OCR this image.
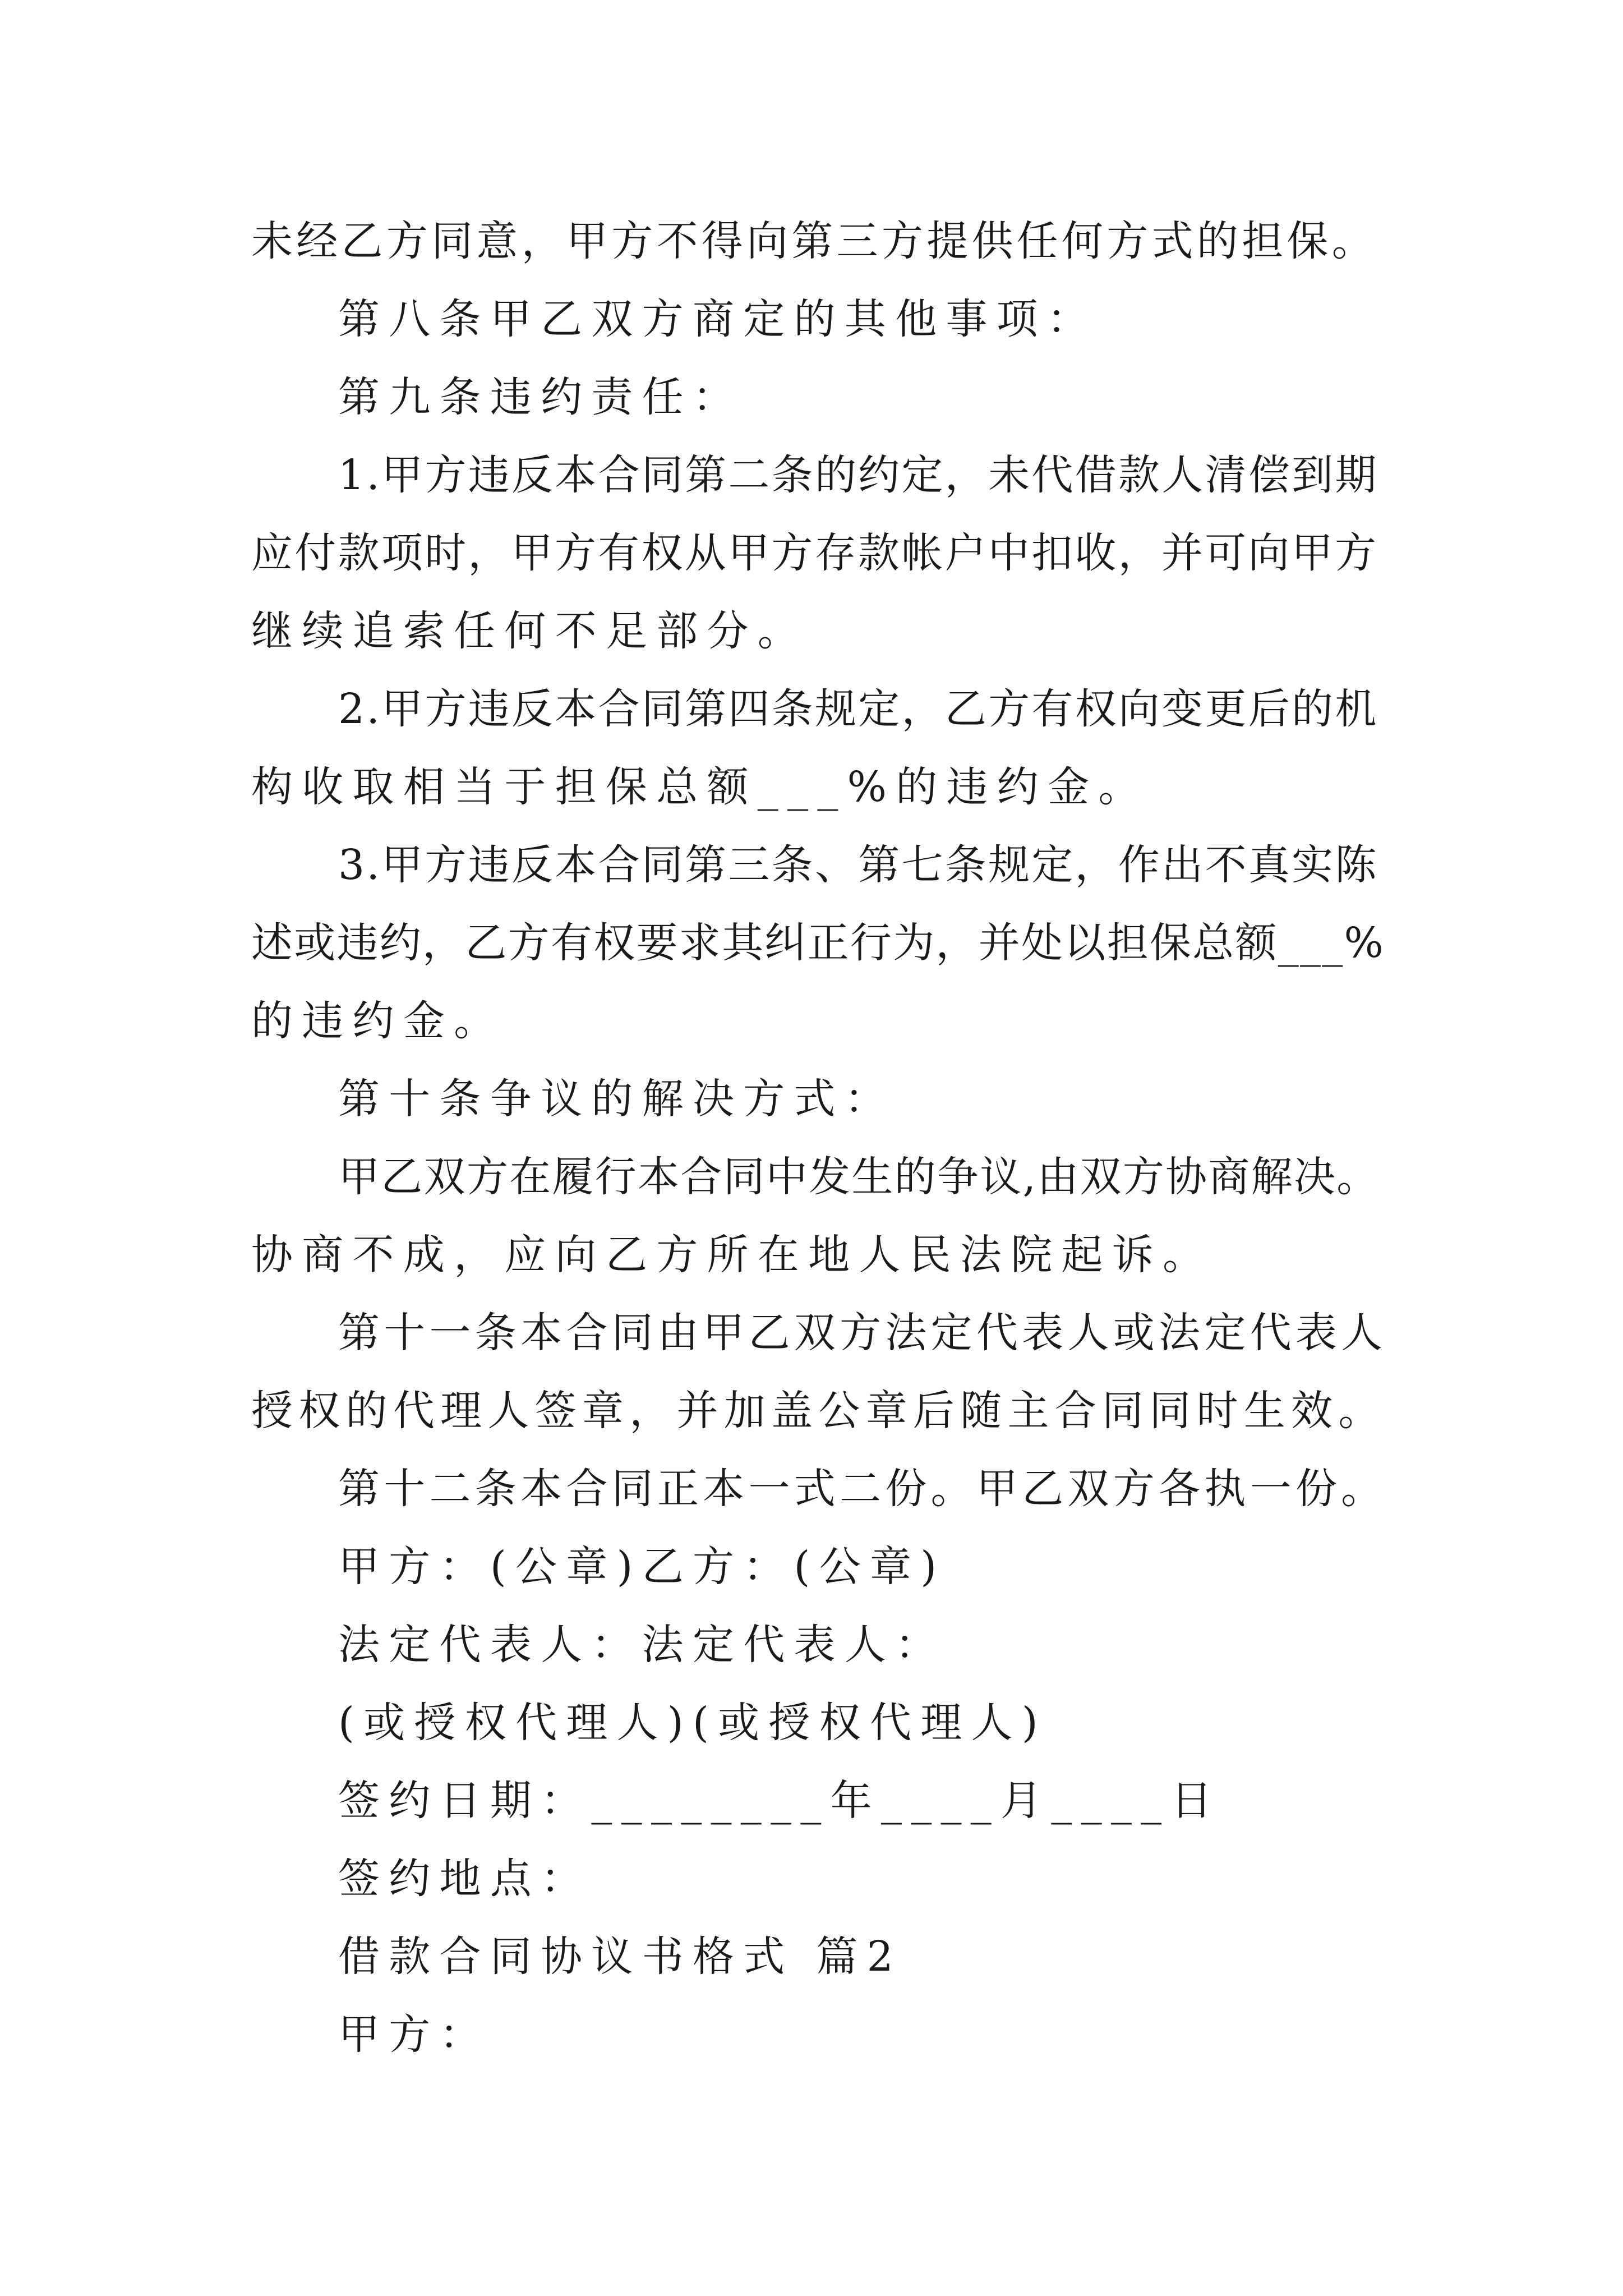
未经乙方同意，甲方不得向第三方提供任何方式的担保。
第八条甲乙双方商定的其他事项：
第九条违约责任：
1.甲方违反本合同第二条的约定，未代借款人清偿到期
应付款项时，甲方有权从甲方存款帐户中扣收，并可向甲方
继续追索任何不足部分。
2.甲方违反本合同第四条规定，乙方有权向变更后的机
构收取相当于担保总额___%的违约金。
3.甲方违反本合同第三条、第七条规定，作出不真实陈
述或违约，乙方有权要求其纠正行为，并处以担保总额___%
的违约金。
第十条争议的解决方式：
甲乙双方在履行本合同中发生的争议,由双方协商解决。
协商不成，应向乙方所在地人民法院起诉。
第十一条本合同由甲乙双方法定代表人或法定代表人
授权的代理人签章，并加盖公章后随主合同同时生效。
第十二条本合同正本一式二份。甲乙双方各执一份。
甲方：(公章)乙方：(公章)
法定代表人：法定代表人：
(或授权代理人)(或授权代理人)
签约日期：________年____月____日
签约地点：
借款合同协议书格式 篇2
甲方：
